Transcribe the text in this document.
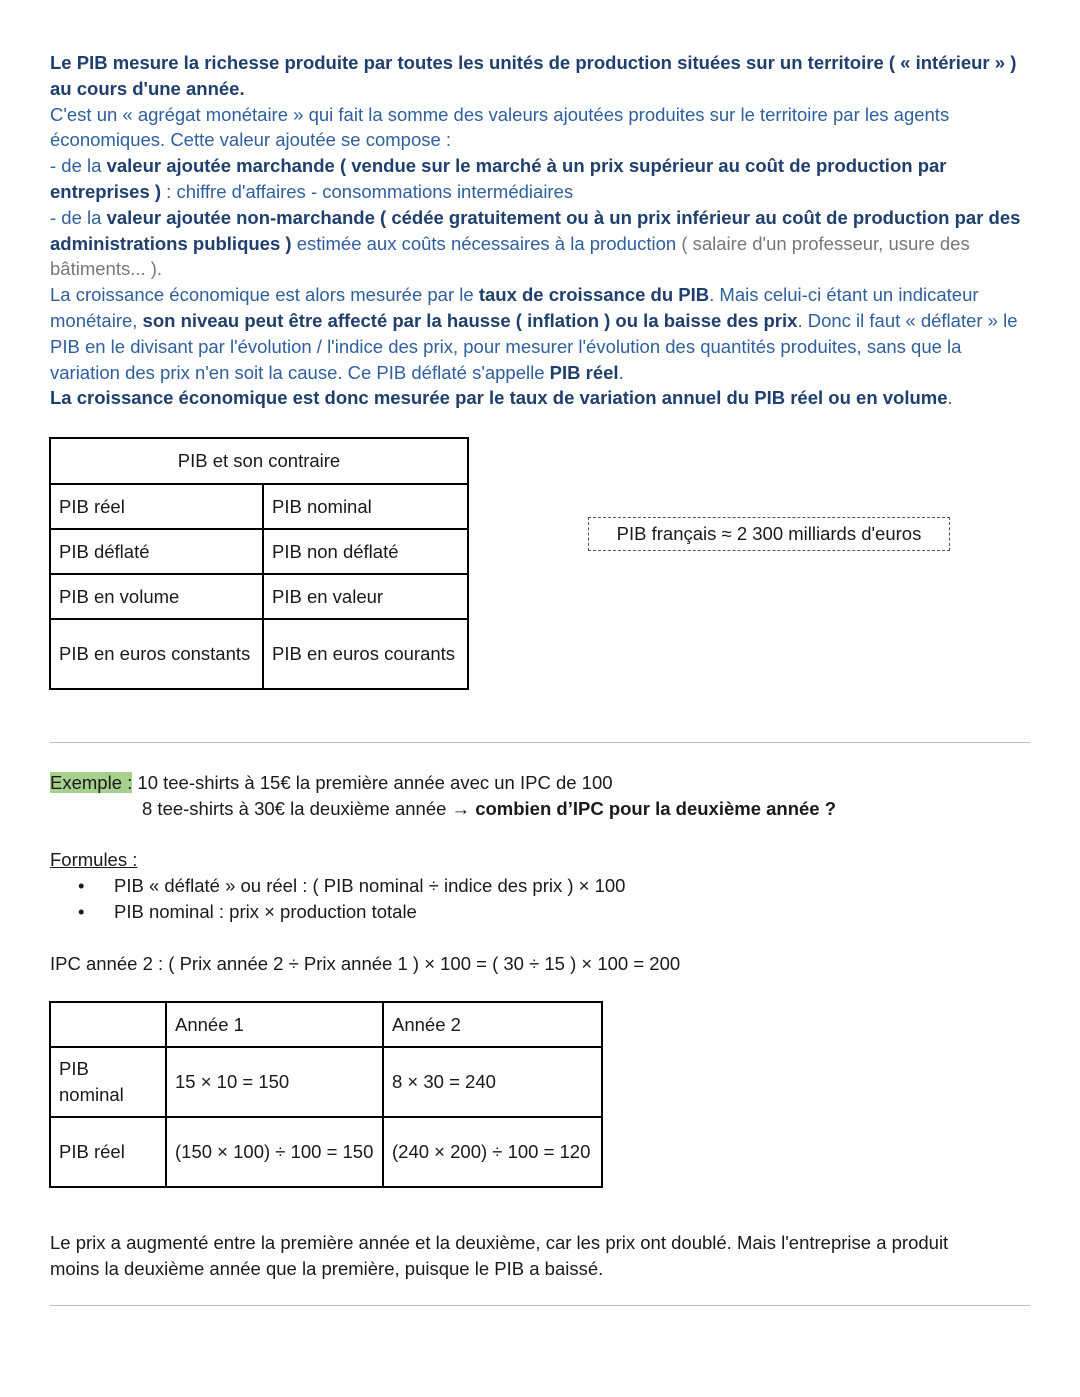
Le PIB mesure la richesse produite par toutes les unités de production situées sur un territoire ( « intérieur » )

au cours d'une année.

C'est un « agrégat monétaire » qui fait la somme des valeurs ajoutées produites sur le territoire par les agents

économiques. Cette valeur ajoutée se compose :

- de la valeur ajoutée marchande ( vendue sur le marché à un prix supérieur au coût de production par

entreprises ) : chiffre d'affaires - consommations intermédiaires

- de la valeur ajoutée non-marchande ( cédée gratuitement ou à un prix inférieur au coût de production par des

administrations publiques ) estimée aux coûts nécessaires à la production ( salaire d'un professeur, usure des

bâtiments... ).

La croissance économique est alors mesurée par le taux de croissance du PIB. Mais celui-ci étant un indicateur

monétaire, son niveau peut être affecté par la hausse ( inflation ) ou la baisse des prix. Donc il faut « déflater » le

PIB en le divisant par l'évolution / l'indice des prix, pour mesurer l'évolution des quantités produites, sans que la

variation des prix n'en soit la cause. Ce PIB déflaté s'appelle PIB réel.

La croissance économique est donc mesurée par le taux de variation annuel du PIB réel ou en volume.

PIB et son contraire	
PIB réel	PIB nominal
PIB déflaté	PIB non déflaté
PIB en volume	PIB en valeur
PIB en euros constants	PIB en euros courants
PIB français ≈ 2 300 milliards d'euros
Exemple : 10 tee-shirts à 15€ la première année avec un IPC de 100
8 tee-shirts à 30€ la deuxième année → combien d’IPC pour la deuxième année ?
Formules :
• PIB « déflaté » ou réel : ( PIB nominal ÷ indice des prix ) × 100
• PIB nominal : prix × production totale
IPC année 2 : ( Prix année 2 ÷ Prix année 1 ) × 100 = ( 30 ÷ 15 ) × 100 = 200
	Année 1	Année 2
PIB nominal	15 × 10 = 150	8 × 30 = 240
PIB réel	(150 × 100) ÷ 100 = 150	(240 × 200) ÷ 100 = 120
Le prix a augmenté entre la première année et la deuxième, car les prix ont doublé. Mais l'entreprise a produit
moins la deuxième année que la première, puisque le PIB a baissé.
